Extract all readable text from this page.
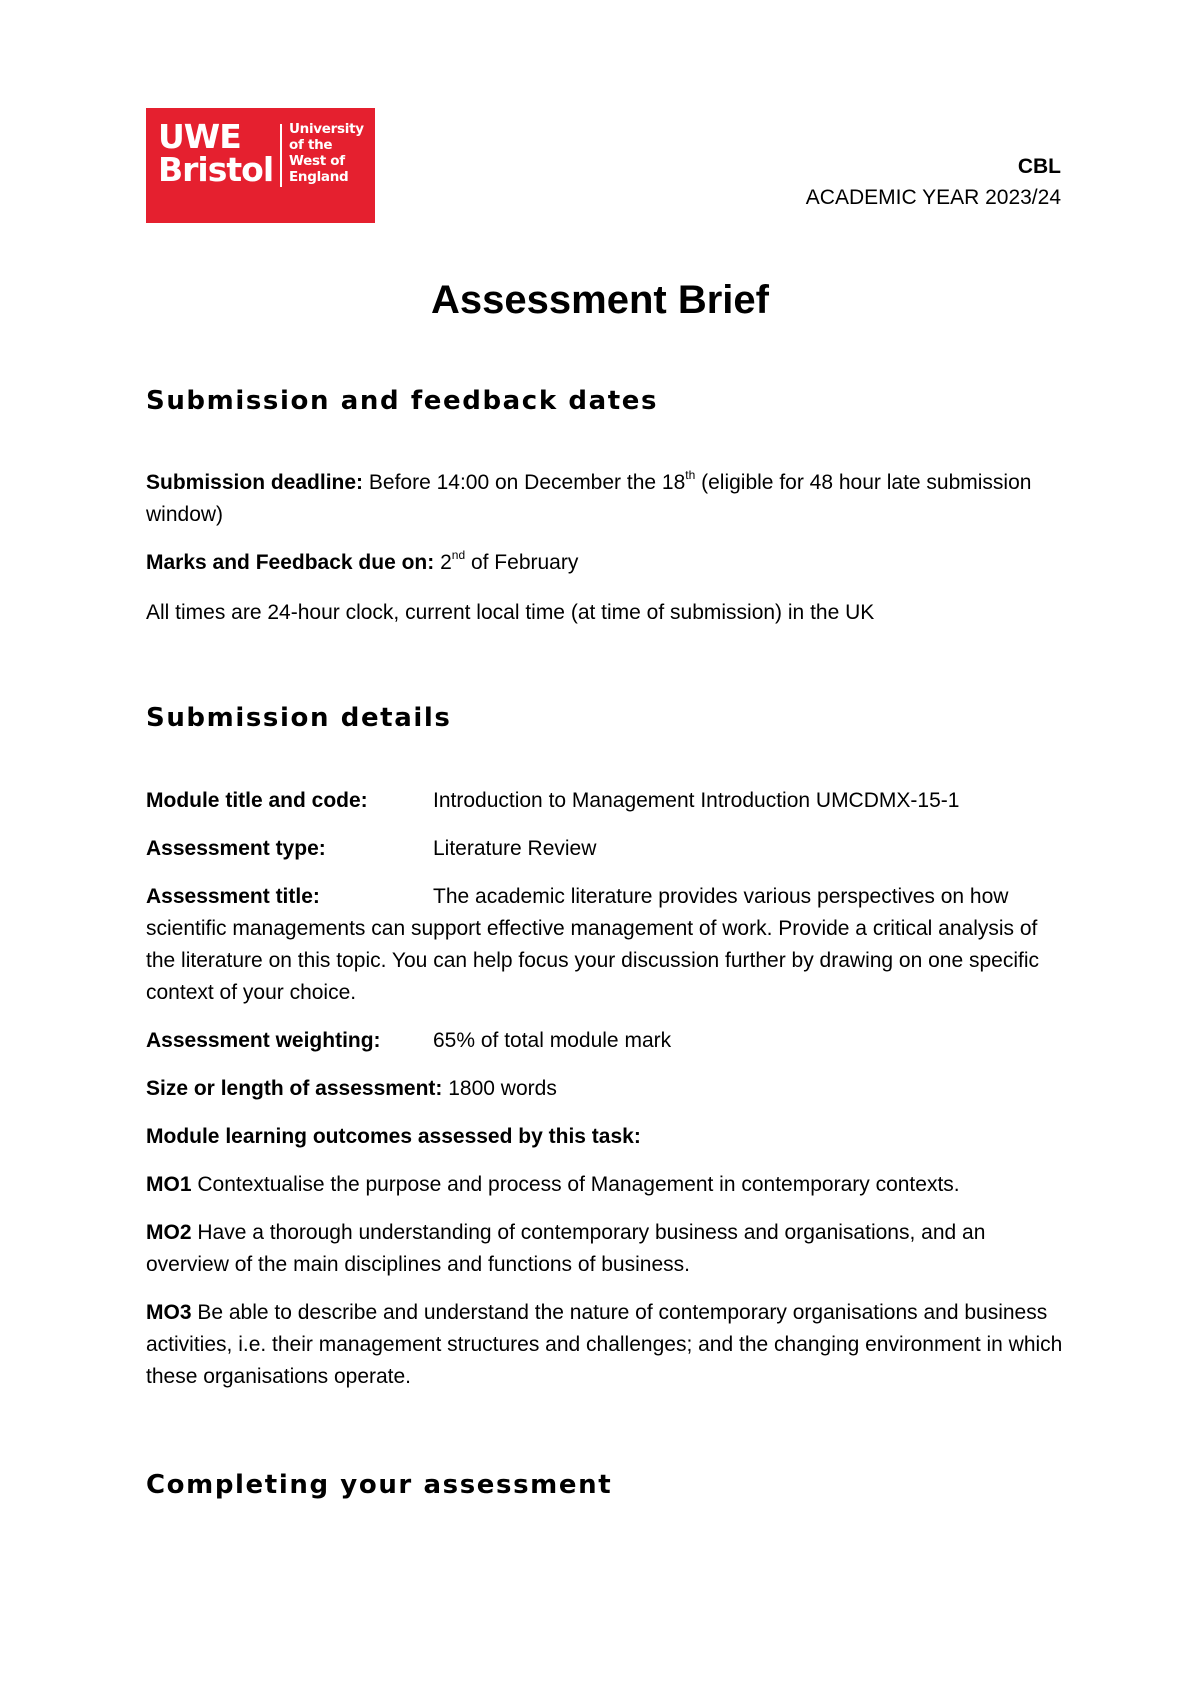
UWE
Bristol
University
of the
West of
England	CBL
ACADEMIC YEAR 2023/24
Assessment Brief
Submission and feedback dates

Submission deadline: Before 14:00 on December the 18th (eligible for 48 hour late submission window)

Marks and Feedback due on: 2nd of February

All times are 24-hour clock, current local time (at time of submission) in the UK

Submission details
Module title and code:	Introduction to Management Introduction UMCDMX-15-1
Assessment type:	Literature Review
Assessment title:	The academic literature provides various perspectives on how scientific managements can support effective management of work. Provide a critical analysis of the literature on this topic. You can help focus your discussion further by drawing on one specific context of your choice.
Assessment weighting: 65% of total module mark

Size or length of assessment: 1800 words

Module learning outcomes assessed by this task:

MO1 Contextualise the purpose and process of Management in contemporary contexts.

MO2 Have a thorough understanding of contemporary business and organisations, and an overview of the main disciplines and functions of business.

MO3 Be able to describe and understand the nature of contemporary organisations and business activities, i.e. their management structures and challenges; and the changing environment in which these organisations operate.

Completing your assessment
